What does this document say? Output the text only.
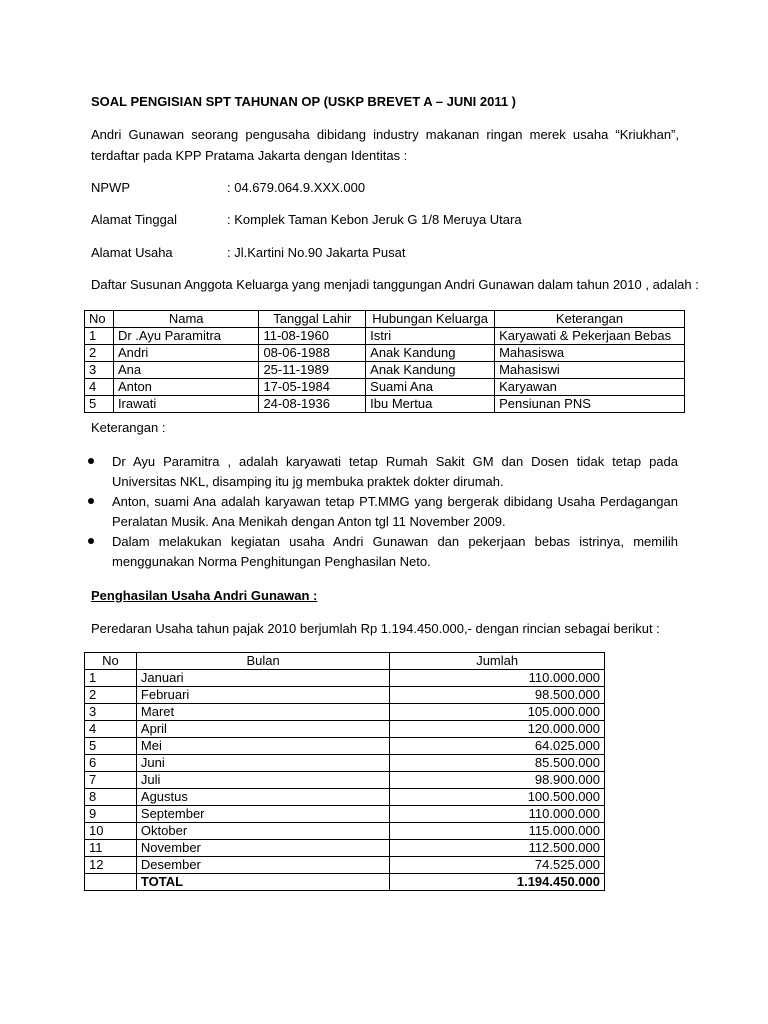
SOAL PENGISIAN SPT TAHUNAN OP (USKP BREVET A – JUNI 2011 )
Andri Gunawan seorang pengusaha dibidang industry makanan ringan merek usaha “Kriukhan”,
terdaftar pada KPP Pratama Jakarta dengan Identitas :
NPWP	: 04.679.064.9.XXX.000
Alamat Tinggal	: Komplek Taman Kebon Jeruk G 1/8 Meruya Utara
Alamat Usaha	: Jl.Kartini No.90 Jakarta Pusat
Daftar Susunan Anggota Keluarga yang menjadi tanggungan Andri Gunawan dalam tahun 2010 , adalah :
No	Nama	Tanggal Lahir	Hubungan Keluarga	Keterangan
1	Dr .Ayu Paramitra	11-08-1960	Istri	Karyawati & Pekerjaan Bebas
2	Andri	08-06-1988	Anak Kandung	Mahasiswa
3	Ana	25-11-1989	Anak Kandung	Mahasiswi
4	Anton	17-05-1984	Suami Ana	Karyawan
5	Irawati	24-08-1936	Ibu Mertua	Pensiunan PNS
Keterangan :
Dr Ayu Paramitra , adalah karyawati tetap Rumah Sakit GM dan Dosen tidak tetap pada
Universitas NKL, disamping itu jg membuka praktek dokter dirumah.
Anton, suami Ana adalah karyawan tetap PT.MMG yang bergerak dibidang Usaha Perdagangan
Peralatan Musik. Ana Menikah dengan Anton tgl 11 November 2009.
Dalam melakukan kegiatan usaha Andri Gunawan dan pekerjaan bebas istrinya, memilih
menggunakan Norma Penghitungan Penghasilan Neto.
Penghasilan Usaha Andri Gunawan :
Peredaran Usaha tahun pajak 2010 berjumlah Rp 1.194.450.000,- dengan rincian sebagai berikut :
No	Bulan	Jumlah
1	Januari	110.000.000
2	Februari	98.500.000
3	Maret	105.000.000
4	April	120.000.000
5	Mei	64.025.000
6	Juni	85.500.000
7	Juli	98.900.000
8	Agustus	100.500.000
9	September	110.000.000
10	Oktober	115.000.000
11	November	112.500.000
12	Desember	74.525.000
	TOTAL	1.194.450.000
